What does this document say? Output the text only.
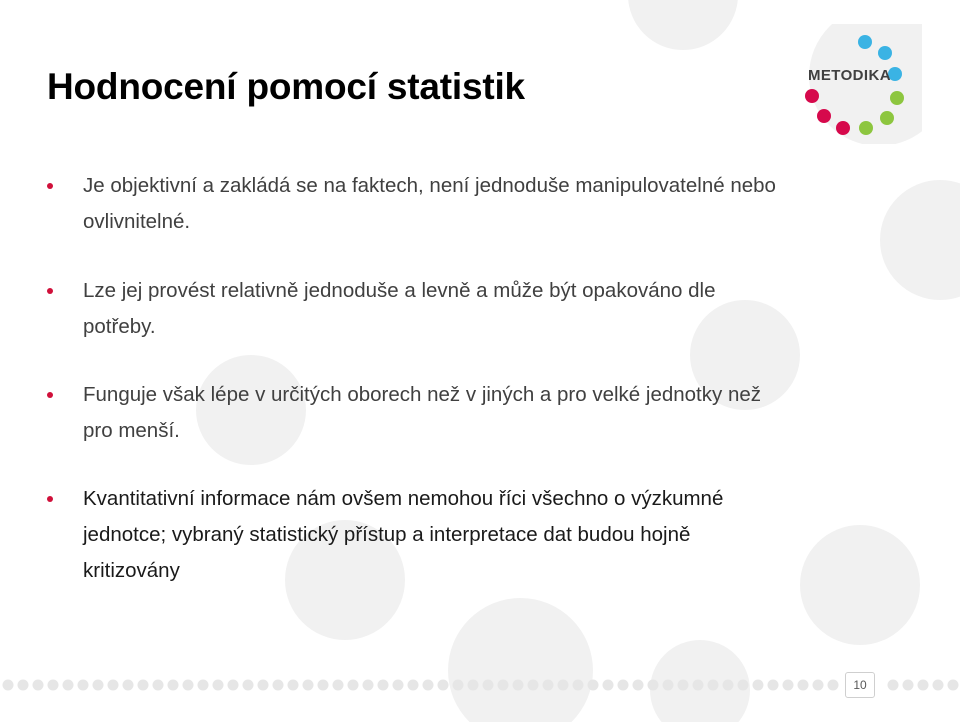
Hodnocení pomocí statistik	METODIKA

Je objektivní a zakládá se na faktech, není jednoduše manipulovatelné nebo
ovlivnitelné.
Lze jej provést relativně jednoduše a levně a může být opakováno dle
potřeby.
Funguje však lépe v určitých oborech než v jiných a pro velké jednotky než
pro menší.
Kvantitativní informace nám ovšem nemohou říci všechno o výzkumné
jednotce; vybraný statistický přístup a interpretace dat budou hojně
kritizovány
10
